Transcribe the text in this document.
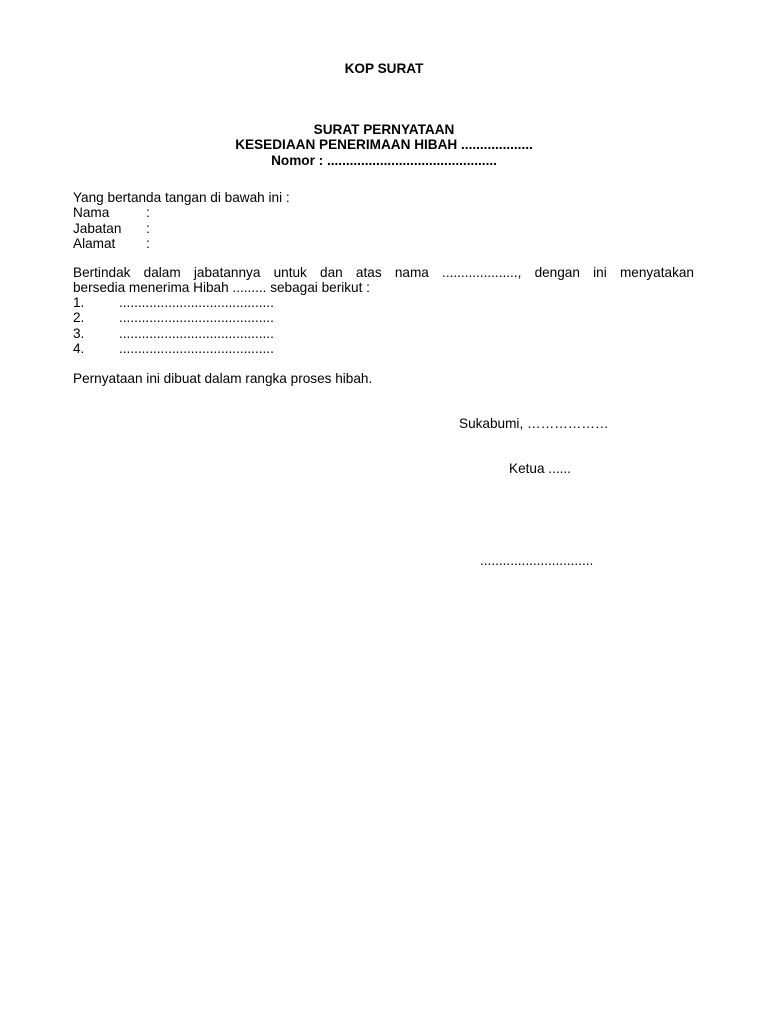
KOP SURAT
SURAT PERNYATAAN
KESEDIAAN PENERIMAAN HIBAH ...................
Nomor : .............................................
Yang bertanda tangan di bawah ini :
Nama	:
Jabatan :
Alamat :
Bertindak dalam jabatannya untuk dan atas nama ...................., dengan ini menyatakan
bersedia menerima Hibah ......... sebagai berikut :
1.	.........................................
2.	.........................................
3.	.........................................
4.	.........................................
Pernyataan ini dibuat dalam rangka proses hibah.
Sukabumi, ………………
Ketua ......
..............................
